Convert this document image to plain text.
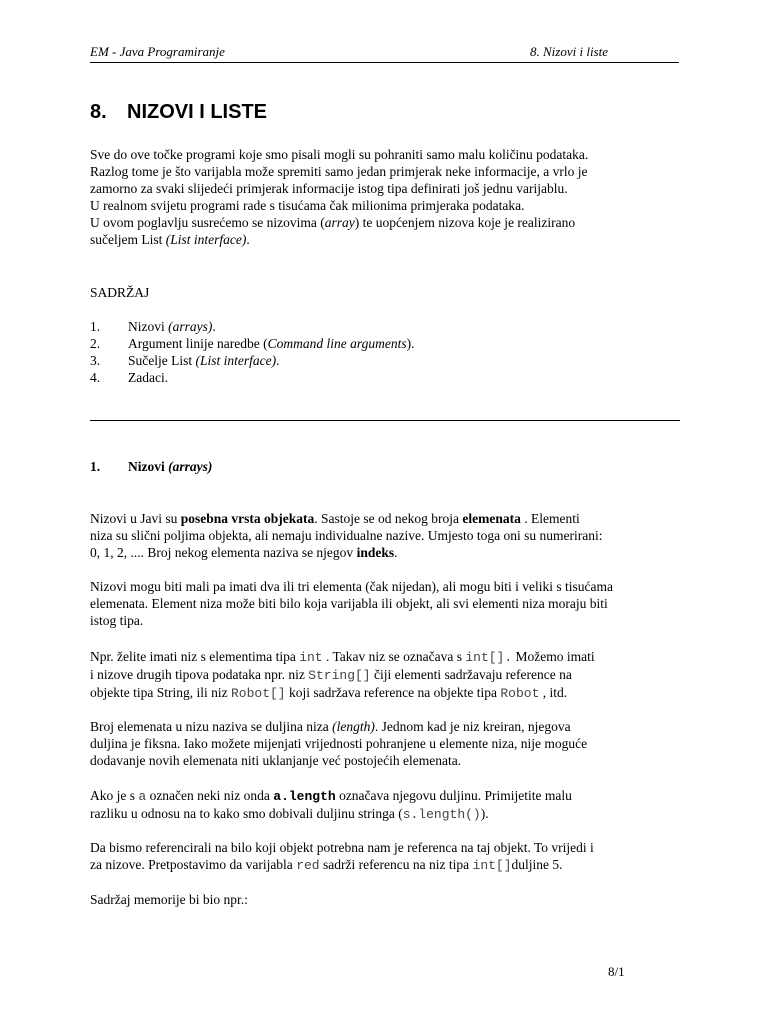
EM - Java Programiranje	8. Nizovi i liste
8. NIZOVI I LISTE
Sve do ove točke programi koje smo pisali mogli su pohraniti samo malu količinu podataka.
Razlog tome je što varijabla može spremiti samo jedan primjerak neke informacije, a vrlo je
zamorno za svaki slijedeći primjerak informacije istog tipa definirati još jednu varijablu.
U realnom svijetu programi rade s tisućama čak milionima primjeraka podataka.
U ovom poglavlju susrećemo se nizovima (array) te uopćenjem nizova koje je realizirano
sučeljem List (List interface).
SADRŽAJ
1. Nizovi (arrays).
2. Argument linije naredbe (Command line arguments).
3. Sučelje List (List interface).
4. Zadaci.
1. Nizovi (arrays)
Nizovi u Javi su posebna vrsta objekata. Sastoje se od nekog broja elemenata . Elementi
niza su slični poljima objekta, ali nemaju individualne nazive. Umjesto toga oni su numerirani:
0, 1, 2, .... Broj nekog elementa naziva se njegov indeks.
Nizovi mogu biti mali pa imati dva ili tri elementa (čak nijedan), ali mogu biti i veliki s tisućama
elemenata. Element niza može biti bilo koja varijabla ili objekt, ali svi elementi niza moraju biti
istog tipa.
Npr. želite imati niz s elementima tipa int . Takav niz se označava s int[]. Možemo imati
i nizove drugih tipova podataka npr. niz String[] čiji elementi sadržavaju reference na
objekte tipa String, ili niz Robot[] koji sadržava reference na objekte tipa Robot , itd.
Broj elemenata u nizu naziva se duljina niza (length). Jednom kad je niz kreiran, njegova
duljina je fiksna. Iako možete mijenjati vrijednosti pohranjene u elemente niza, nije moguće
dodavanje novih elemenata niti uklanjanje već postojećih elemenata.
Ako je s a označen neki niz onda a.length označava njegovu duljinu. Primijetite malu
razliku u odnosu na to kako smo dobivali duljinu stringa (s.length()).
Da bismo referencirali na bilo koji objekt potrebna nam je referenca na taj objekt. To vrijedi i
za nizove. Pretpostavimo da varijabla red sadrži referencu na niz tipa int[]duljine 5.
Sadržaj memorije bi bio npr.:
8/1
